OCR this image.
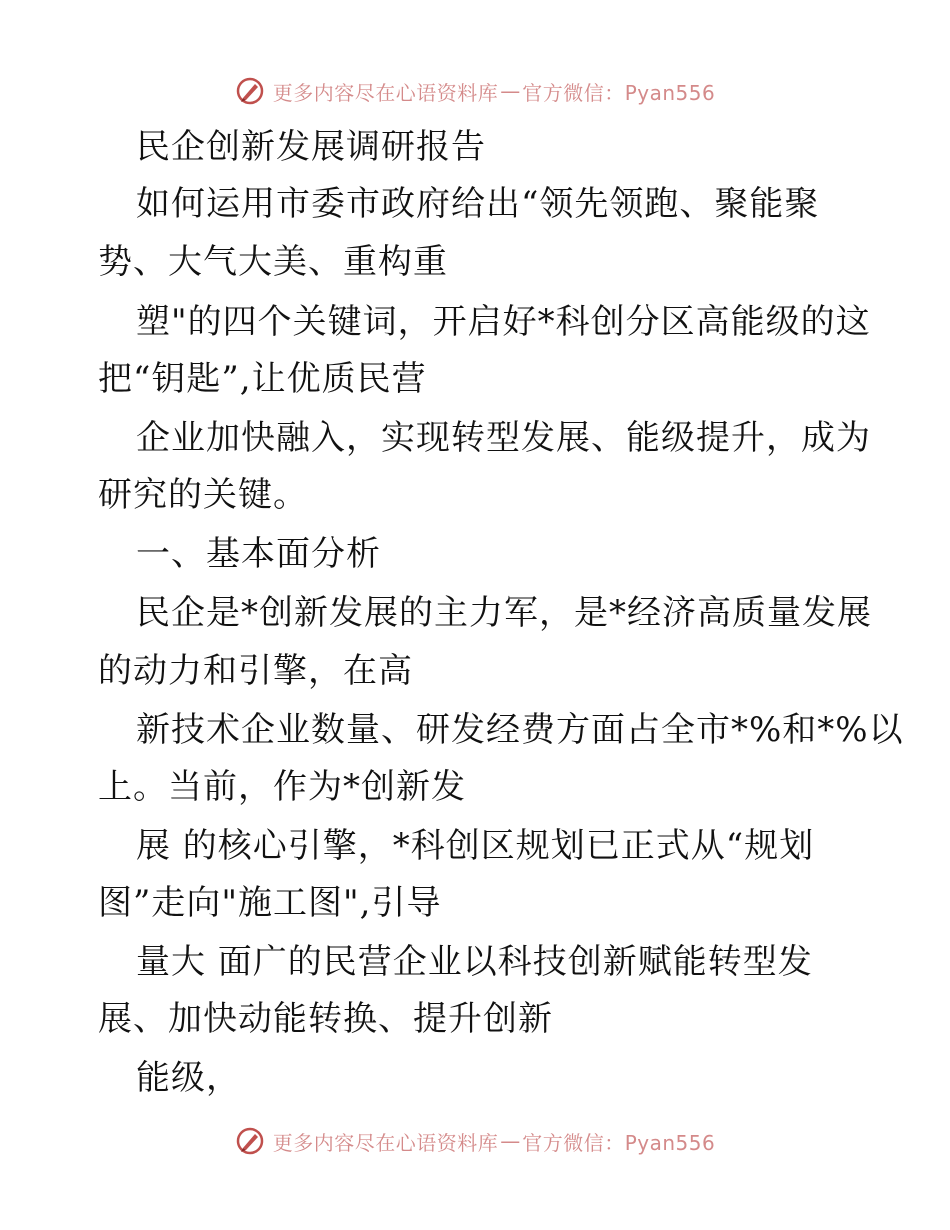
更多内容尽在心语资料库 — 官方微信：Pyan556
民企创新发展调研报告
如何运用市委市政府给出“领先领跑、聚能聚
势、大气大美、重构重
塑"的四个关键词，开启好*科创分区高能级的这
把“钥匙”,让优质民营
企业加快融入，实现转型发展、能级提升，成为
研究的关键。
一、基本面分析
民企是*创新发展的主力军，是*经济高质量发展
的动力和引擎，在高
新技术企业数量、研发经费方面占全市*%和*%以
上。当前，作为*创新发
展 的核心引擎，*科创区规划已正式从“规划
图”走向"施工图",引导
量大 面广的民营企业以科技创新赋能转型发
展、加快动能转换、提升创新
能级，
更多内容尽在心语资料库 — 官方微信：Pyan556
